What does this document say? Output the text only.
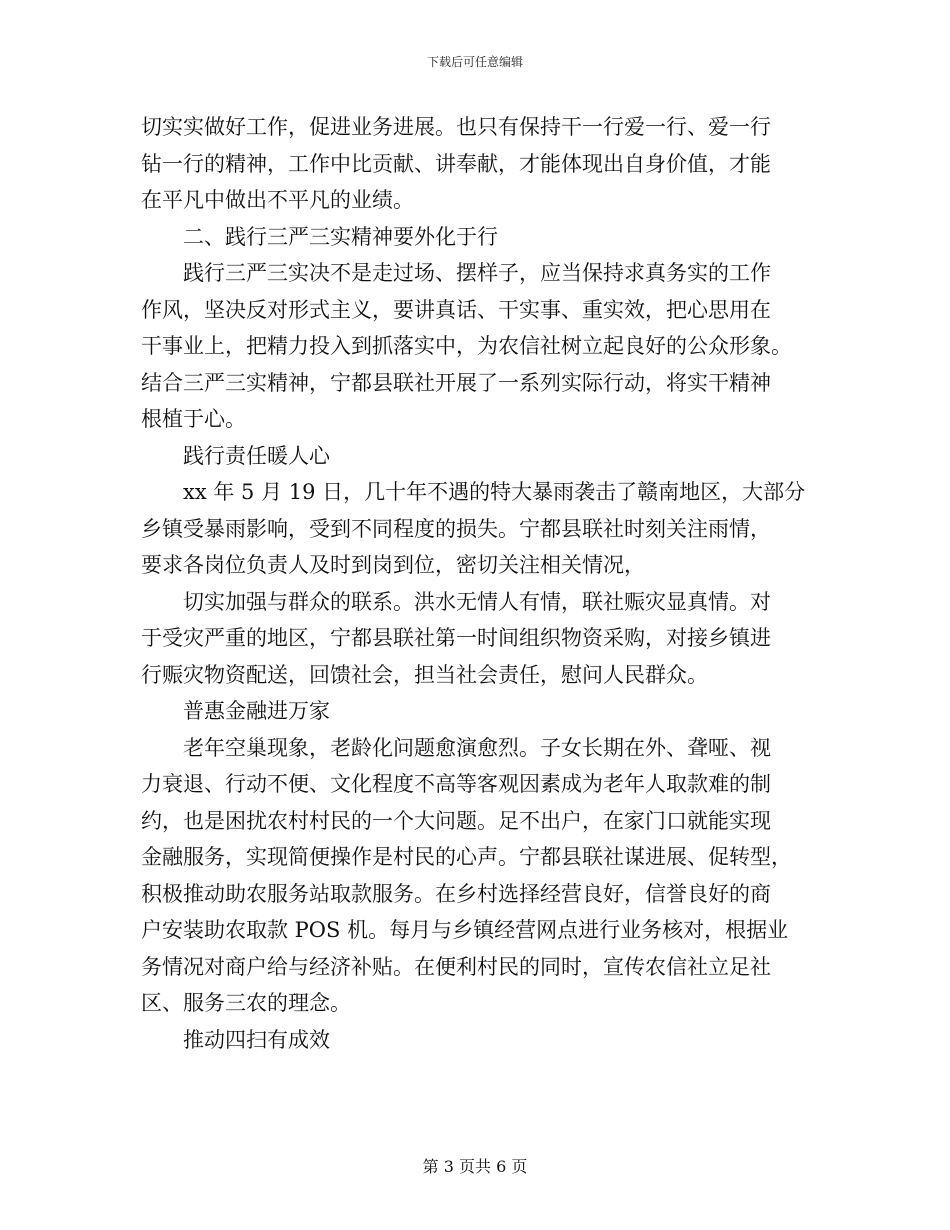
下载后可任意编辑
切实实做好工作，促进业务进展。也只有保持干一行爱一行、爱一行
钻一行的精神，工作中比贡献、讲奉献，才能体现出自身价值，才能
在平凡中做出不平凡的业绩。
二、践行三严三实精神要外化于行
践行三严三实决不是走过场、摆样子，应当保持求真务实的工作
作风，坚决反对形式主义，要讲真话、干实事、重实效，把心思用在
干事业上，把精力投入到抓落实中，为农信社树立起良好的公众形象。
结合三严三实精神，宁都县联社开展了一系列实际行动，将实干精神
根植于心。
践行责任暖人心
xx 年 5 月 19 日，几十年不遇的特大暴雨袭击了赣南地区，大部分
乡镇受暴雨影响，受到不同程度的损失。宁都县联社时刻关注雨情，
要求各岗位负责人及时到岗到位，密切关注相关情况，
切实加强与群众的联系。洪水无情人有情，联社赈灾显真情。对
于受灾严重的地区，宁都县联社第一时间组织物资采购，对接乡镇进
行赈灾物资配送，回馈社会，担当社会责任，慰问人民群众。
普惠金融进万家
老年空巢现象，老龄化问题愈演愈烈。子女长期在外、聋哑、视
力衰退、行动不便、文化程度不高等客观因素成为老年人取款难的制
约，也是困扰农村村民的一个大问题。足不出户，在家门口就能实现
金融服务，实现简便操作是村民的心声。宁都县联社谋进展、促转型，
积极推动助农服务站取款服务。在乡村选择经营良好，信誉良好的商
户安装助农取款 POS 机。每月与乡镇经营网点进行业务核对，根据业
务情况对商户给与经济补贴。在便利村民的同时，宣传农信社立足社
区、服务三农的理念。
推动四扫有成效
第 3 页共 6 页
